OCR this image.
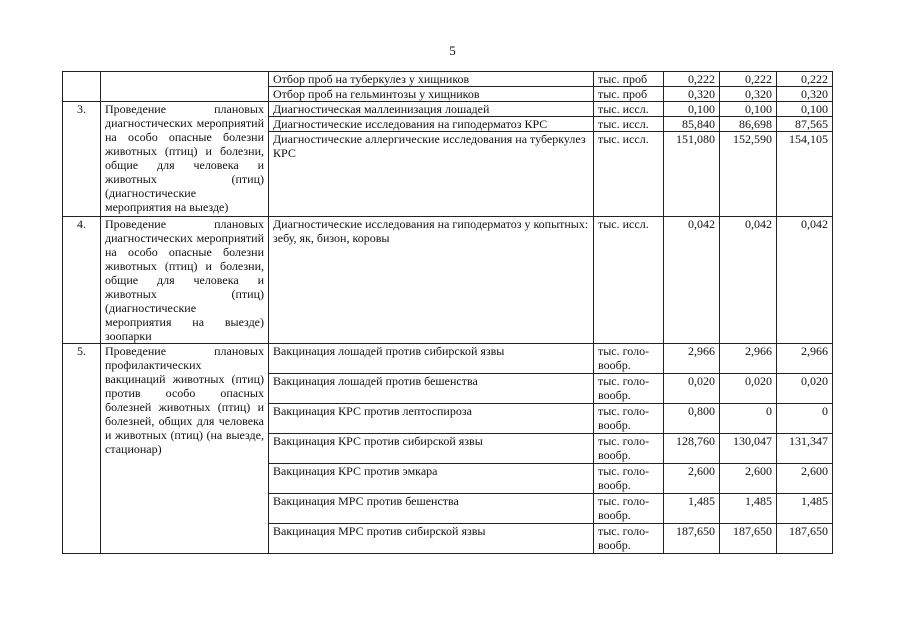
5
		Отбор проб на туберкулез у хищников	тыс. проб	0,222	0,222	0,222
		Отбор проб на гельминтозы у хищников	тыс. проб	0,320	0,320	0,320
3.	Проведение плановых диагностических мероприятий на особо опасные болезни животных (птиц) и болезни, общие для человека и животных (птиц) (диагностические мероприятия на выезде)	Диагностическая маллеинизация лошадей	тыс. иссл.	0,100	0,100	0,100
		Диагностические исследования на гиподерматоз КРС	тыс. иссл.	85,840	86,698	87,565
		Диагностические аллергические исследования на туберкулез КРС	тыс. иссл.	151,080	152,590	154,105

4.	Проведение плановых диагностических мероприятий на особо опасные болезни животных (птиц) и болезни, общие для человека и животных (птиц) (диагностические мероприятия на выезде) зоопарки	Диагностические исследования на гиподерматоз у копытных: зебу, як, бизон, коровы	тыс. иссл.	0,042	0,042	0,042
5.	Проведение плановых профилактических вакцинаций животных (птиц) против особо опасных болезней животных (птиц) и болезней, общих для человека и животных (птиц) (на выезде, стационар)	Вакцинация лошадей против сибирской язвы	тыс. голо-вообр.	2,966	2,966	2,966
		Вакцинация лошадей против бешенства	тыс. голо-вообр.	0,020	0,020	0,020
		Вакцинация КРС против лептоспироза	тыс. голо-вообр.	0,800	0	0
		Вакцинация КРС против сибирской язвы	тыс. голо-вообр.	128,760	130,047	131,347
		Вакцинация КРС против эмкара	тыс. голо-вообр.	2,600	2,600	2,600
		Вакцинация МРС против бешенства	тыс. голо-вообр.	1,485	1,485	1,485
		Вакцинация МРС против сибирской язвы	тыс. голо-вообр.	187,650	187,650	187,650
